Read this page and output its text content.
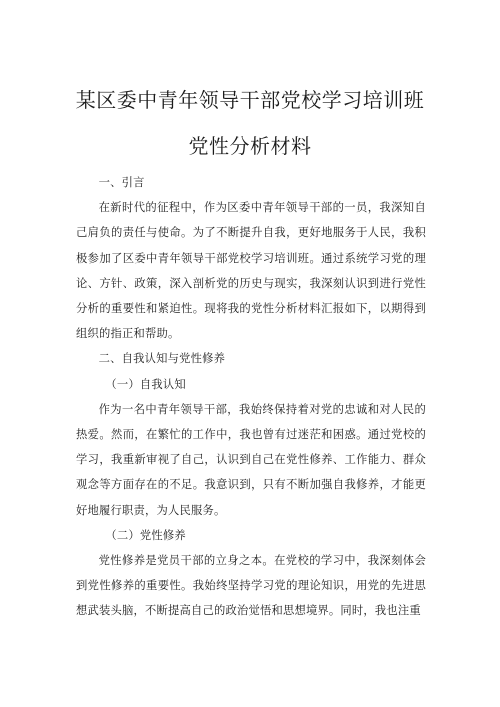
某区委中青年领导干部党校学习培训班
党性分析材料

一、引言

在新时代的征程中，作为区委中青年领导干部的一员，我深知自己肩负的责任与使命。为了不断提升自我，更好地服务于人民，我积极参加了区委中青年领导干部党校学习培训班。通过系统学习党的理论、方针、政策，深入剖析党的历史与现实，我深刻认识到进行党性分析的重要性和紧迫性。现将我的党性分析材料汇报如下，以期得到组织的指正和帮助。

二、自我认知与党性修养

（一）自我认知

作为一名中青年领导干部，我始终保持着对党的忠诚和对人民的热爱。然而，在繁忙的工作中，我也曾有过迷茫和困惑。通过党校的学习，我重新审视了自己，认识到自己在党性修养、工作能力、群众观念等方面存在的不足。我意识到，只有不断加强自我修养，才能更好地履行职责，为人民服务。

（二）党性修养

党性修养是党员干部的立身之本。在党校的学习中，我深刻体会到党性修养的重要性。我始终坚持学习党的理论知识，用党的先进思想武装头脑，不断提高自己的政治觉悟和思想境界。同时，我也注重
